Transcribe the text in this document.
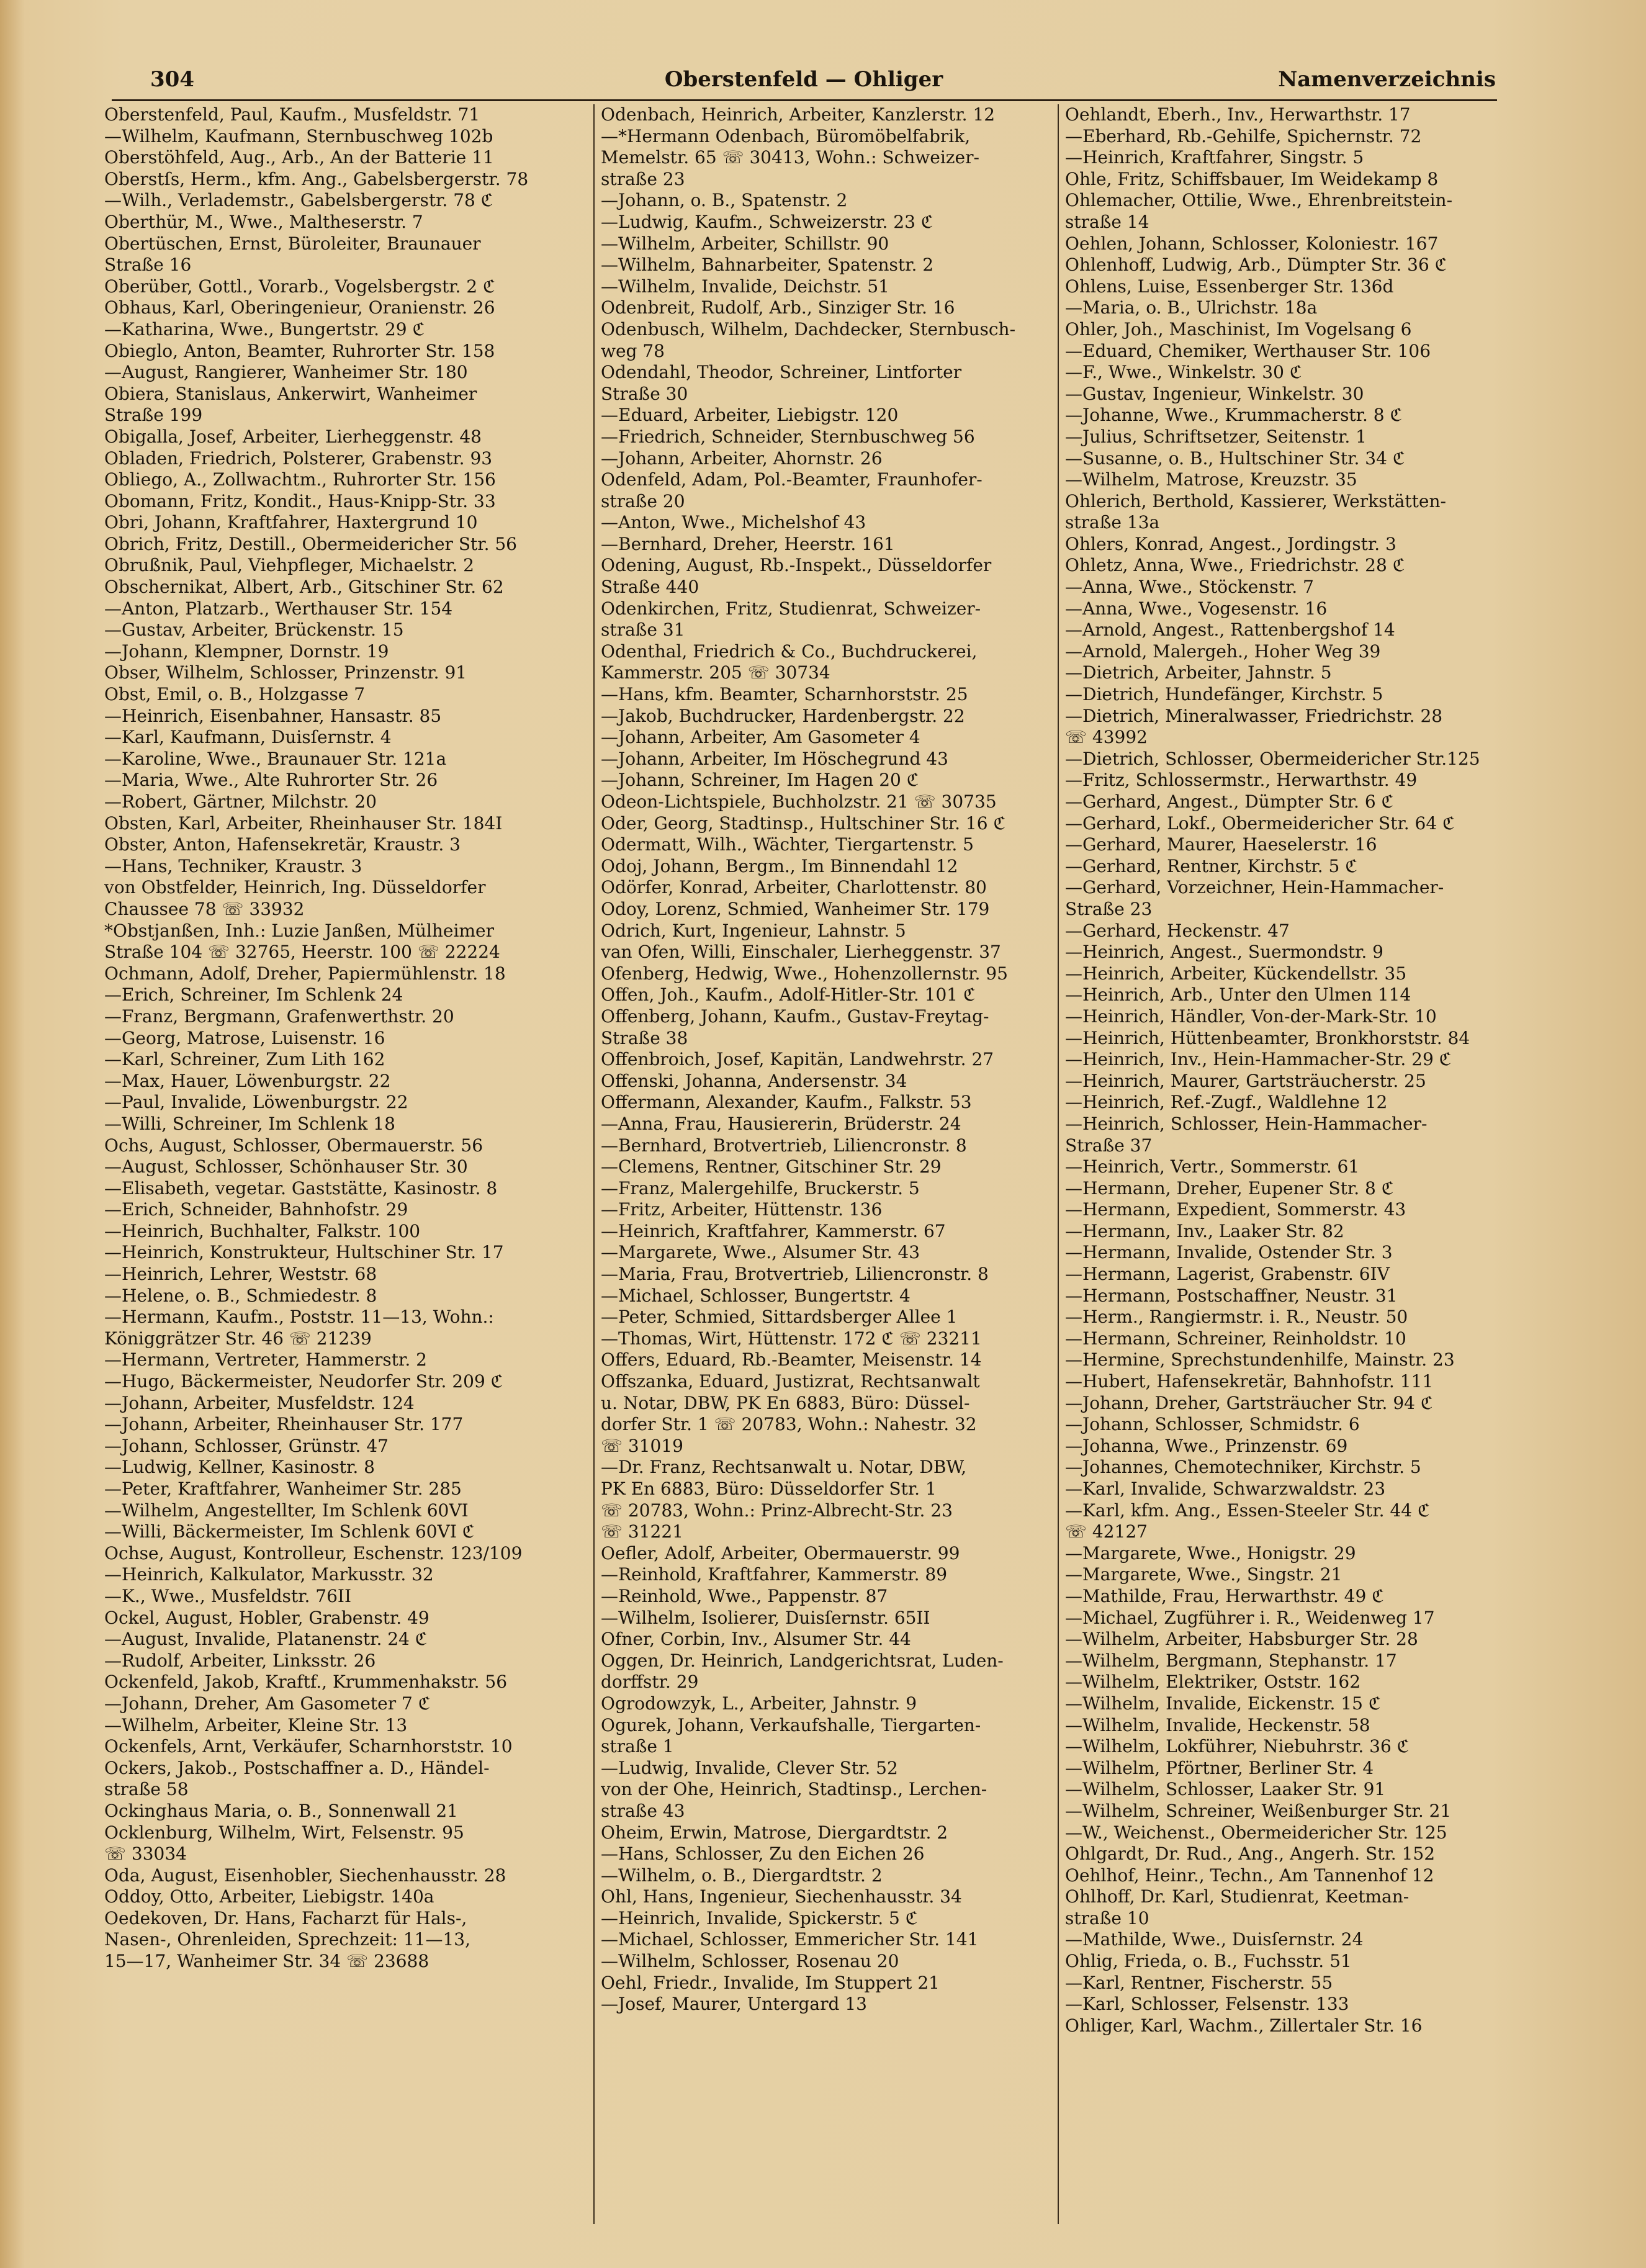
304	Oberstenfeld — Ohliger	Namenverzeichnis
Oberstenfeld, Paul, Kaufm., Musfeldstr. 71
—Wilhelm, Kaufmann, Sternbuschweg 102b
Oberstöhfeld, Aug., Arb., An der Batterie 11
Oberstſs, Herm., kfm. Ang., Gabelsbergerstr. 78
—Wilh., Verlademstr., Gabelsbergerstr. 78 ℭ
Oberthür, M., Wwe., Maltheserstr. 7
Obertüschen, Ernst, Büroleiter, Braunauer
Straße 16
Oberüber, Gottl., Vorarb., Vogelsbergstr. 2 ℭ
Obhaus, Karl, Oberingenieur, Oranienstr. 26
—Katharina, Wwe., Bungertstr. 29 ℭ
Obieglo, Anton, Beamter, Ruhrorter Str. 158
—August, Rangierer, Wanheimer Str. 180
Obiera, Stanislaus, Ankerwirt, Wanheimer
Straße 199
Obigalla, Josef, Arbeiter, Lierheggenstr. 48
Obladen, Friedrich, Polsterer, Grabenstr. 93
Obliego, A., Zollwachtm., Ruhrorter Str. 156
Obomann, Fritz, Kondit., Haus-Knipp-Str. 33
Obri, Johann, Kraftfahrer, Haxtergrund 10
Obrich, Fritz, Destill., Obermeidericher Str. 56
Obrußnik, Paul, Viehpfleger, Michaelstr. 2
Obschernikat, Albert, Arb., Gitschiner Str. 62
—Anton, Platzarb., Werthauser Str. 154
—Gustav, Arbeiter, Brückenstr. 15
—Johann, Klempner, Dornstr. 19
Obser, Wilhelm, Schlosser, Prinzenstr. 91
Obst, Emil, o. B., Holzgasse 7
—Heinrich, Eisenbahner, Hansastr. 85
—Karl, Kaufmann, Duisſernstr. 4
—Karoline, Wwe., Braunauer Str. 121a
—Maria, Wwe., Alte Ruhrorter Str. 26
—Robert, Gärtner, Milchstr. 20
Obsten, Karl, Arbeiter, Rheinhauser Str. 184I
Obster, Anton, Hafensekretär, Kraustr. 3
—Hans, Techniker, Kraustr. 3
von Obstfelder, Heinrich, Ing. Düsseldorfer
Chaussee 78 ☏ 33932
*Obstjanßen, Inh.: Luzie Janßen, Mülheimer
Straße 104 ☏ 32765, Heerstr. 100 ☏ 22224
Ochmann, Adolf, Dreher, Papiermühlenstr. 18
—Erich, Schreiner, Im Schlenk 24
—Franz, Bergmann, Grafenwerthstr. 20
—Georg, Matrose, Luisenstr. 16
—Karl, Schreiner, Zum Lith 162
—Max, Hauer, Löwenburgstr. 22
—Paul, Invalide, Löwenburgstr. 22
—Willi, Schreiner, Im Schlenk 18
Ochs, August, Schlosser, Obermauerstr. 56
—August, Schlosser, Schönhauser Str. 30
—Elisabeth, vegetar. Gaststätte, Kasinostr. 8
—Erich, Schneider, Bahnhofstr. 29
—Heinrich, Buchhalter, Falkstr. 100
—Heinrich, Konstrukteur, Hultschiner Str. 17
—Heinrich, Lehrer, Weststr. 68
—Helene, o. B., Schmiedestr. 8
—Hermann, Kaufm., Poststr. 11—13, Wohn.:
Königgrätzer Str. 46 ☏ 21239
—Hermann, Vertreter, Hammerstr. 2
—Hugo, Bäckermeister, Neudorfer Str. 209 ℭ
—Johann, Arbeiter, Musfeldstr. 124
—Johann, Arbeiter, Rheinhauser Str. 177
—Johann, Schlosser, Grünstr. 47
—Ludwig, Kellner, Kasinostr. 8
—Peter, Kraftfahrer, Wanheimer Str. 285
—Wilhelm, Angestellter, Im Schlenk 60VI
—Willi, Bäckermeister, Im Schlenk 60VI ℭ
Ochse, August, Kontrolleur, Eschenstr. 123/109
—Heinrich, Kalkulator, Markusstr. 32
—K., Wwe., Musfeldstr. 76II
Ockel, August, Hobler, Grabenstr. 49
—August, Invalide, Platanenstr. 24 ℭ
—Rudolf, Arbeiter, Linksstr. 26
Ockenfeld, Jakob, Kraftf., Krummenhakstr. 56
—Johann, Dreher, Am Gasometer 7 ℭ
—Wilhelm, Arbeiter, Kleine Str. 13
Ockenfels, Arnt, Verkäufer, Scharnhorststr. 10
Ockers, Jakob., Postschaffner a. D., Händel-
straße 58
Ockinghaus Maria, o. B., Sonnenwall 21
Ocklenburg, Wilhelm, Wirt, Felsenstr. 95
☏ 33034
Oda, August, Eisenhobler, Siechenhausstr. 28
Oddoy, Otto, Arbeiter, Liebigstr. 140a
Oedekoven, Dr. Hans, Facharzt für Hals-,
Nasen-, Ohrenleiden, Sprechzeit: 11—13,
15—17, Wanheimer Str. 34 ☏ 23688
Odenbach, Heinrich, Arbeiter, Kanzlerstr. 12
—*Hermann Odenbach, Büromöbelfabrik,
Memelstr. 65 ☏ 30413, Wohn.: Schweizer-
straße 23
—Johann, o. B., Spatenstr. 2
—Ludwig, Kaufm., Schweizerstr. 23 ℭ
—Wilhelm, Arbeiter, Schillstr. 90
—Wilhelm, Bahnarbeiter, Spatenstr. 2
—Wilhelm, Invalide, Deichstr. 51
Odenbreit, Rudolf, Arb., Sinziger Str. 16
Odenbusch, Wilhelm, Dachdecker, Sternbusch-
weg 78
Odendahl, Theodor, Schreiner, Lintforter
Straße 30
—Eduard, Arbeiter, Liebigstr. 120
—Friedrich, Schneider, Sternbuschweg 56
—Johann, Arbeiter, Ahornstr. 26
Odenfeld, Adam, Pol.-Beamter, Fraunhofer-
straße 20
—Anton, Wwe., Michelshof 43
—Bernhard, Dreher, Heerstr. 161
Odening, August, Rb.-Inspekt., Düsseldorfer
Straße 440
Odenkirchen, Fritz, Studienrat, Schweizer-
straße 31
Odenthal, Friedrich & Co., Buchdruckerei,
Kammerstr. 205 ☏ 30734
—Hans, kfm. Beamter, Scharnhorststr. 25
—Jakob, Buchdrucker, Hardenbergstr. 22
—Johann, Arbeiter, Am Gasometer 4
—Johann, Arbeiter, Im Höschegrund 43
—Johann, Schreiner, Im Hagen 20 ℭ
Odeon-Lichtspiele, Buchholzstr. 21 ☏ 30735
Oder, Georg, Stadtinsp., Hultschiner Str. 16 ℭ
Odermatt, Wilh., Wächter, Tiergartenstr. 5
Odoj, Johann, Bergm., Im Binnendahl 12
Odörfer, Konrad, Arbeiter, Charlottenstr. 80
Odoy, Lorenz, Schmied, Wanheimer Str. 179
Odrich, Kurt, Ingenieur, Lahnstr. 5
van Ofen, Willi, Einschaler, Lierheggenstr. 37
Ofenberg, Hedwig, Wwe., Hohenzollernstr. 95
Offen, Joh., Kaufm., Adolf-Hitler-Str. 101 ℭ
Offenberg, Johann, Kaufm., Gustav-Freytag-
Straße 38
Offenbroich, Josef, Kapitän, Landwehrstr. 27
Offenski, Johanna, Andersenstr. 34
Offermann, Alexander, Kaufm., Falkstr. 53
—Anna, Frau, Hausiererin, Brüderstr. 24
—Bernhard, Brotvertrieb, Liliencronstr. 8
—Clemens, Rentner, Gitschiner Str. 29
—Franz, Malergehilfe, Bruckerstr. 5
—Fritz, Arbeiter, Hüttenstr. 136
—Heinrich, Kraftfahrer, Kammerstr. 67
—Margarete, Wwe., Alsumer Str. 43
—Maria, Frau, Brotvertrieb, Liliencronstr. 8
—Michael, Schlosser, Bungertstr. 4
—Peter, Schmied, Sittardsberger Allee 1
—Thomas, Wirt, Hüttenstr. 172 ℭ ☏ 23211
Offers, Eduard, Rb.-Beamter, Meisenstr. 14
Offszanka, Eduard, Justizrat, Rechtsanwalt
u. Notar, DBW, PK En 6883, Büro: Düssel-
dorfer Str. 1 ☏ 20783, Wohn.: Nahestr. 32
☏ 31019
—Dr. Franz, Rechtsanwalt u. Notar, DBW,
PK En 6883, Büro: Düsseldorfer Str. 1
☏ 20783, Wohn.: Prinz-Albrecht-Str. 23
☏ 31221
Oefler, Adolf, Arbeiter, Obermauerstr. 99
—Reinhold, Kraftfahrer, Kammerstr. 89
—Reinhold, Wwe., Pappenstr. 87
—Wilhelm, Isolierer, Duisſernstr. 65II
Ofner, Corbin, Inv., Alsumer Str. 44
Oggen, Dr. Heinrich, Landgerichtsrat, Luden-
dorffstr. 29
Ogrodowzyk, L., Arbeiter, Jahnstr. 9
Ogurek, Johann, Verkaufshalle, Tiergarten-
straße 1
—Ludwig, Invalide, Clever Str. 52
von der Ohe, Heinrich, Stadtinsp., Lerchen-
straße 43
Oheim, Erwin, Matrose, Diergardtstr. 2
—Hans, Schlosser, Zu den Eichen 26
—Wilhelm, o. B., Diergardtstr. 2
Ohl, Hans, Ingenieur, Siechenhausstr. 34
—Heinrich, Invalide, Spickerstr. 5 ℭ
—Michael, Schlosser, Emmericher Str. 141
—Wilhelm, Schlosser, Rosenau 20
Oehl, Friedr., Invalide, Im Stuppert 21
—Josef, Maurer, Untergard 13
Oehlandt, Eberh., Inv., Herwarthstr. 17
—Eberhard, Rb.-Gehilfe, Spichernstr. 72
—Heinrich, Kraftfahrer, Singstr. 5
Ohle, Fritz, Schiffsbauer, Im Weidekamp 8
Ohlemacher, Ottilie, Wwe., Ehrenbreitstein-
straße 14
Oehlen, Johann, Schlosser, Koloniestr. 167
Ohlenhoff, Ludwig, Arb., Dümpter Str. 36 ℭ
Ohlens, Luise, Essenberger Str. 136d
—Maria, o. B., Ulrichstr. 18a
Ohler, Joh., Maschinist, Im Vogelsang 6
—Eduard, Chemiker, Werthauser Str. 106
—F., Wwe., Winkelstr. 30 ℭ
—Gustav, Ingenieur, Winkelstr. 30
—Johanne, Wwe., Krummacherstr. 8 ℭ
—Julius, Schriftsetzer, Seitenstr. 1
—Susanne, o. B., Hultschiner Str. 34 ℭ
—Wilhelm, Matrose, Kreuzstr. 35
Ohlerich, Berthold, Kassierer, Werkstätten-
straße 13a
Ohlers, Konrad, Angest., Jordingstr. 3
Ohletz, Anna, Wwe., Friedrichstr. 28 ℭ
—Anna, Wwe., Stöckenstr. 7
—Anna, Wwe., Vogesenstr. 16
—Arnold, Angest., Rattenbergshof 14
—Arnold, Malergeh., Hoher Weg 39
—Dietrich, Arbeiter, Jahnstr. 5
—Dietrich, Hundefänger, Kirchstr. 5
—Dietrich, Mineralwasser, Friedrichstr. 28
☏ 43992
—Dietrich, Schlosser, Obermeidericher Str.125
—Fritz, Schlossermstr., Herwarthstr. 49
—Gerhard, Angest., Dümpter Str. 6 ℭ
—Gerhard, Lokf., Obermeidericher Str. 64 ℭ
—Gerhard, Maurer, Haeselerstr. 16
—Gerhard, Rentner, Kirchstr. 5 ℭ
—Gerhard, Vorzeichner, Hein-Hammacher-
Straße 23
—Gerhard, Heckenstr. 47
—Heinrich, Angest., Suermondstr. 9
—Heinrich, Arbeiter, Kückendellstr. 35
—Heinrich, Arb., Unter den Ulmen 114
—Heinrich, Händler, Von-der-Mark-Str. 10
—Heinrich, Hüttenbeamter, Bronkhorststr. 84
—Heinrich, Inv., Hein-Hammacher-Str. 29 ℭ
—Heinrich, Maurer, Gartsträucherstr. 25
—Heinrich, Ref.-Zugf., Waldlehne 12
—Heinrich, Schlosser, Hein-Hammacher-
Straße 37
—Heinrich, Vertr., Sommerstr. 61
—Hermann, Dreher, Eupener Str. 8 ℭ
—Hermann, Expedient, Sommerstr. 43
—Hermann, Inv., Laaker Str. 82
—Hermann, Invalide, Ostender Str. 3
—Hermann, Lagerist, Grabenstr. 6IV
—Hermann, Postschaffner, Neustr. 31
—Herm., Rangiermstr. i. R., Neustr. 50
—Hermann, Schreiner, Reinholdstr. 10
—Hermine, Sprechstundenhilfe, Mainstr. 23
—Hubert, Hafensekretär, Bahnhofstr. 111
—Johann, Dreher, Gartsträucher Str. 94 ℭ
—Johann, Schlosser, Schmidstr. 6
—Johanna, Wwe., Prinzenstr. 69
—Johannes, Chemotechniker, Kirchstr. 5
—Karl, Invalide, Schwarzwaldstr. 23
—Karl, kfm. Ang., Essen-Steeler Str. 44 ℭ
☏ 42127
—Margarete, Wwe., Honigstr. 29
—Margarete, Wwe., Singstr. 21
—Mathilde, Frau, Herwarthstr. 49 ℭ
—Michael, Zugführer i. R., Weidenweg 17
—Wilhelm, Arbeiter, Habsburger Str. 28
—Wilhelm, Bergmann, Stephanstr. 17
—Wilhelm, Elektriker, Oststr. 162
—Wilhelm, Invalide, Eickenstr. 15 ℭ
—Wilhelm, Invalide, Heckenstr. 58
—Wilhelm, Lokführer, Niebuhrstr. 36 ℭ
—Wilhelm, Pförtner, Berliner Str. 4
—Wilhelm, Schlosser, Laaker Str. 91
—Wilhelm, Schreiner, Weißenburger Str. 21
—W., Weichenst., Obermeidericher Str. 125
Ohlgardt, Dr. Rud., Ang., Angerh. Str. 152
Oehlhof, Heinr., Techn., Am Tannenhof 12
Ohlhoff, Dr. Karl, Studienrat, Keetman-
straße 10
—Mathilde, Wwe., Duisſernstr. 24
Ohlig, Frieda, o. B., Fuchsstr. 51
—Karl, Rentner, Fischerstr. 55
—Karl, Schlosser, Felsenstr. 133
Ohliger, Karl, Wachm., Zillertaler Str. 16
